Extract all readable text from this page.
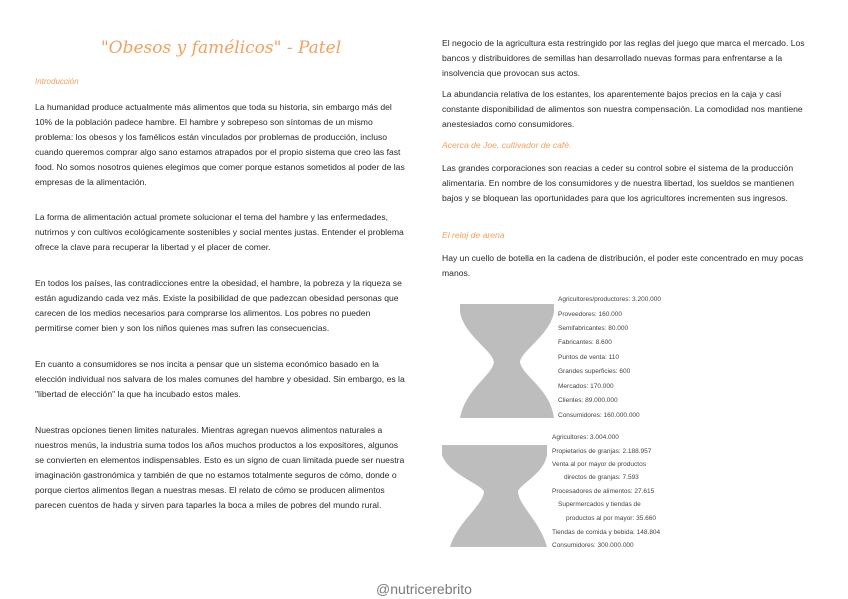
"Obesos y famélicos" - Patel
Introducción

La humanidad produce actualmente más alimentos que toda su historia, sin embargo más del 10% de la población padece hambre. El hambre y sobrepeso son síntomas de un mismo problema: los obesos y los famélicos están vinculados por problemas de producción, incluso cuando queremos comprar algo sano estamos atrapados por el propio sistema que creo las fast food. No somos nosotros quienes elegimos que comer porque estanos sometidos al poder de las empresas de la alimentación.

La forma de alimentación actual promete solucionar el tema del hambre y las enfermedades, nutrirnos y con cultivos ecológicamente sostenibles y social mentes justas. Entender el problema ofrece la clave para recuperar la libertad y el placer de comer.

En todos los países, las contradicciones entre la obesidad, el hambre, la pobreza y la riqueza se están agudizando cada vez más. Existe la posibilidad de que padezcan obesidad personas que carecen de los medios necesarios para comprarse los alimentos. Los pobres no pueden permitirse comer bien y son los niños quienes mas sufren las consecuencias.

En cuanto a consumidores se nos incita a pensar que un sistema económico basado en la elección individual nos salvara de los males comunes del hambre y obesidad. Sin embargo, es la "libertad de elección" la que ha incubado estos males.

Nuestras opciones tienen limites naturales. Mientras agregan nuevos alimentos naturales a nuestros menús, la industria suma todos los años muchos productos a los expositores, algunos se convierten en elementos indispensables. Esto es un signo de cuan limitada puede ser nuestra imaginación gastronómica y también de que no estamos totalmente seguros de cómo, donde o porque ciertos alimentos llegan a nuestras mesas. El relato de cómo se producen alimentos parecen cuentos de hada y sirven para taparles la boca a miles de pobres del mundo rural.

El negocio de la agricultura esta restringido por las reglas del juego que marca el mercado. Los bancos y distribuidores de semillas han desarrollado nuevas formas para enfrentarse a la insolvencia que provocan sus actos.

La abundancia relativa de los estantes, los aparentemente bajos precios en la caja y casi constante disponibilidad de alimentos son nuestra compensación. La comodidad nos mantiene anestesiados como consumidores.

Acerca de Joe, cultivador de café.

Las grandes corporaciones son reacias a ceder su control sobre el sistema de la producción alimentaria. En nombre de los consumidores y de nuestra libertad, los sueldos se mantienen bajos y se bloquean las oportunidades para que los agricultores incrementen sus ingresos.

El reloj de arena

Hay un cuello de botella en la cadena de distribución, el poder este concentrado en muy pocas manos.

Agricultores/productores: 3.200.000
Proveedores: 160.000
Semifabricantes: 80.000
Fabricantes: 8.600
Puntos de venta: 110
Grandes superficies: 600
Mercados: 170.000
Clientes: 89.000.000
Consumidores: 160.000.000
Agricultores: 3.004.000
Propietarios de granjas: 2.188.957
Venta al por mayor de productos
directos de granjas: 7.593
Procesadores de alimentos: 27.615
Supermercados y tiendas de
productos al por mayor: 35.660
Tiendas de comida y bebida: 148.804
Consumidores: 300.000.000
@nutricerebrito
